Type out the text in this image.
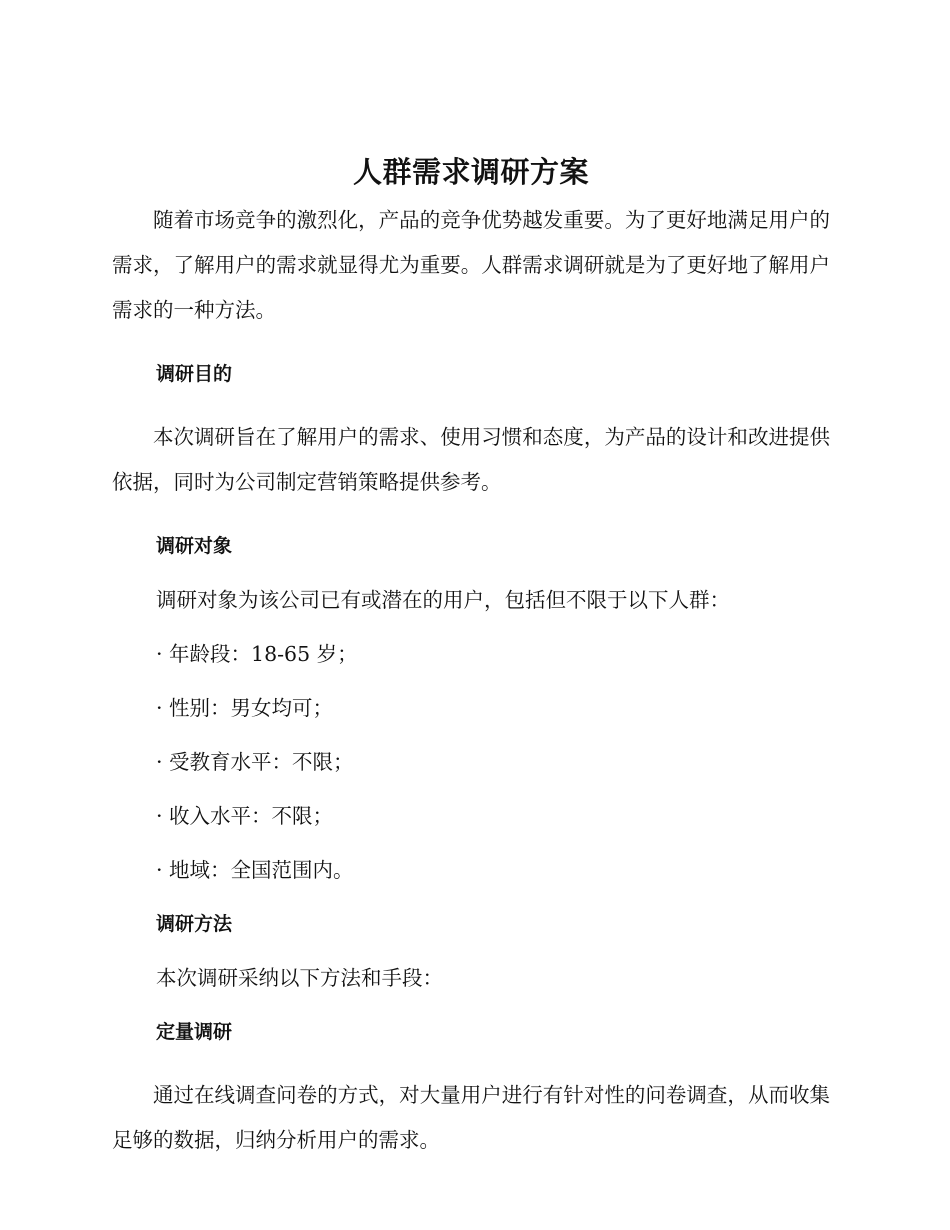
人群需求调研方案

随着市场竞争的激烈化，产品的竞争优势越发重要。为了更好地满足用户的需求，了解用户的需求就显得尤为重要。人群需求调研就是为了更好地了解用户需求的一种方法。

调研目的

本次调研旨在了解用户的需求、使用习惯和态度，为产品的设计和改进提供依据，同时为公司制定营销策略提供参考。

调研对象

调研对象为该公司已有或潜在的用户，包括但不限于以下人群：

· 年龄段：18-65 岁；

· 性别：男女均可；

· 受教育水平：不限；

· 收入水平：不限；

· 地域：全国范围内。

调研方法

本次调研采纳以下方法和手段：

定量调研

通过在线调查问卷的方式，对大量用户进行有针对性的问卷调查，从而收集足够的数据，归纳分析用户的需求。
